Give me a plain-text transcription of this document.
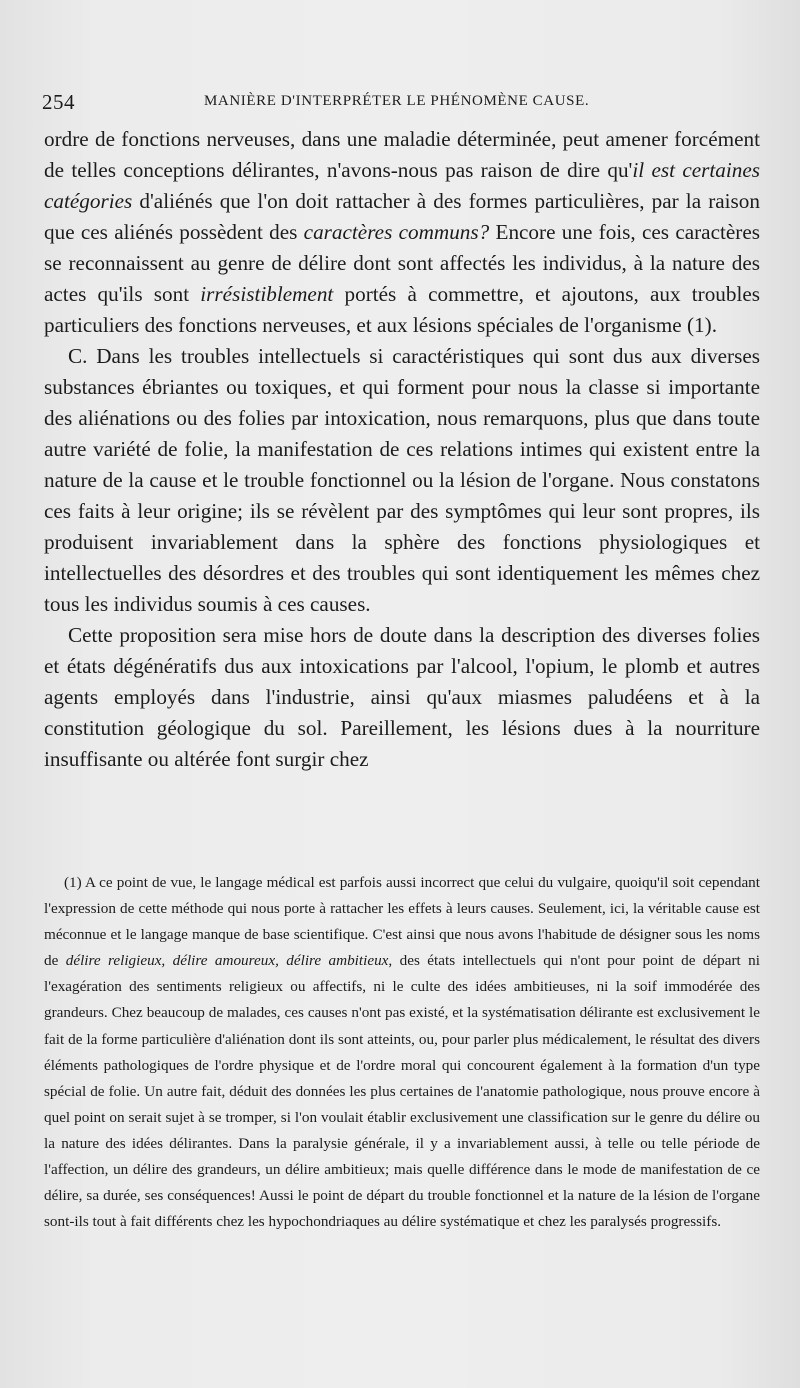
254	MANIÈRE D'INTERPRÉTER LE PHÉNOMÈNE CAUSE.

ordre de fonctions nerveuses, dans une maladie déterminée, peut amener forcément de telles conceptions délirantes, n'avons-nous pas raison de dire qu'il est certaines catégories d'aliénés que l'on doit rattacher à des formes particulières, par la raison que ces aliénés possèdent des caractères communs? Encore une fois, ces caractères se reconnaissent au genre de délire dont sont affectés les individus, à la nature des actes qu'ils sont irrésistiblement portés à commettre, et ajoutons, aux troubles particuliers des fonctions nerveuses, et aux lésions spéciales de l'organisme (1).

C. Dans les troubles intellectuels si caractéristiques qui sont dus aux diverses substances ébriantes ou toxiques, et qui forment pour nous la classe si importante des aliénations ou des folies par intoxication, nous remarquons, plus que dans toute autre variété de folie, la manifestation de ces relations intimes qui existent entre la nature de la cause et le trouble fonctionnel ou la lésion de l'organe. Nous constatons ces faits à leur origine; ils se révèlent par des symptômes qui leur sont propres, ils produisent invariablement dans la sphère des fonctions physiologiques et intellectuelles des désordres et des troubles qui sont identiquement les mêmes chez tous les individus soumis à ces causes.

Cette proposition sera mise hors de doute dans la description des diverses folies et états dégénératifs dus aux intoxications par l'alcool, l'opium, le plomb et autres agents employés dans l'industrie, ainsi qu'aux miasmes paludéens et à la constitution géologique du sol. Pareillement, les lésions dues à la nourriture insuffisante ou altérée font surgir chez

(1) A ce point de vue, le langage médical est parfois aussi incorrect que celui du vulgaire, quoiqu'il soit cependant l'expression de cette méthode qui nous porte à rattacher les effets à leurs causes. Seulement, ici, la véritable cause est méconnue et le langage manque de base scientifique. C'est ainsi que nous avons l'habitude de désigner sous les noms de délire religieux, délire amoureux, délire ambitieux, des états intellectuels qui n'ont pour point de départ ni l'exagération des sentiments religieux ou affectifs, ni le culte des idées ambitieuses, ni la soif immodérée des grandeurs. Chez beaucoup de malades, ces causes n'ont pas existé, et la systématisation délirante est exclusivement le fait de la forme particulière d'aliénation dont ils sont atteints, ou, pour parler plus médicalement, le résultat des divers éléments pathologiques de l'ordre physique et de l'ordre moral qui concourent également à la formation d'un type spécial de folie. Un autre fait, déduit des données les plus certaines de l'anatomie pathologique, nous prouve encore à quel point on serait sujet à se tromper, si l'on voulait établir exclusivement une classification sur le genre du délire ou la nature des idées délirantes. Dans la paralysie générale, il y a invariablement aussi, à telle ou telle période de l'affection, un délire des grandeurs, un délire ambitieux; mais quelle différence dans le mode de manifestation de ce délire, sa durée, ses conséquences! Aussi le point de départ du trouble fonctionnel et la nature de la lésion de l'organe sont-ils tout à fait différents chez les hypochondriaques au délire systématique et chez les paralysés progressifs.
